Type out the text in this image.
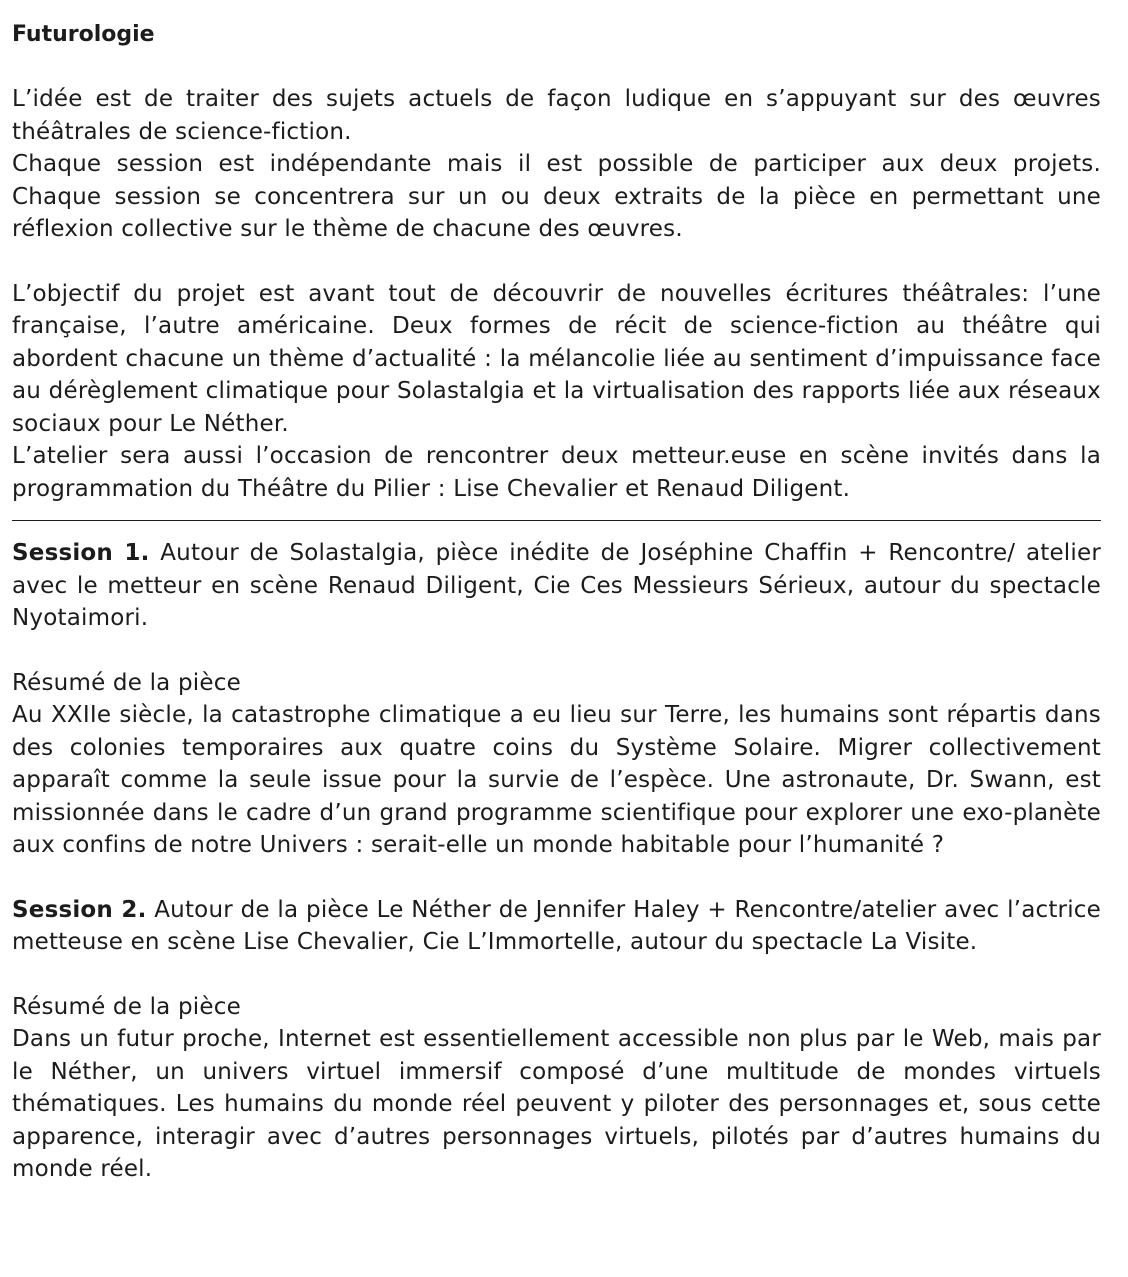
Futurologie

L’idée est de traiter des sujets actuels de façon ludique en s’appuyant sur des œuvres théâtrales de science-fiction.

Chaque session est indépendante mais il est possible de participer aux deux projets. Chaque session se concentrera sur un ou deux extraits de la pièce en permettant une réflexion collective sur le thème de chacune des œuvres.

L’objectif du projet est avant tout de découvrir de nouvelles écritures théâtrales: l’une française, l’autre américaine. Deux formes de récit de science-fiction au théâtre qui abordent chacune un thème d’actualité : la mélancolie liée au sentiment d’impuissance face au dérèglement climatique pour Solastalgia et la virtualisation des rapports liée aux réseaux sociaux pour Le Néther.

L’atelier sera aussi l’occasion de rencontrer deux metteur.euse en scène invités dans la programmation du Théâtre du Pilier : Lise Chevalier et Renaud Diligent.

Session 1. Autour de Solastalgia, pièce inédite de Joséphine Chaffin + Rencontre/ atelier avec le metteur en scène Renaud Diligent, Cie Ces Messieurs Sérieux, autour du spectacle Nyotaimori.

Résumé de la pièce

Au XXIIe siècle, la catastrophe climatique a eu lieu sur Terre, les humains sont répartis dans des colonies temporaires aux quatre coins du Système Solaire. Migrer collectivement apparaît comme la seule issue pour la survie de l’espèce. Une astronaute, Dr. Swann, est missionnée dans le cadre d’un grand programme scientifique pour explorer une exo-planète aux confins de notre Univers : serait-elle un monde habitable pour l’humanité ?

Session 2. Autour de la pièce Le Néther de Jennifer Haley + Rencontre/atelier avec l’actrice metteuse en scène Lise Chevalier, Cie L’Immortelle, autour du spectacle La Visite.

Résumé de la pièce

Dans un futur proche, Internet est essentiellement accessible non plus par le Web, mais par le Néther, un univers virtuel immersif composé d’une multitude de mondes virtuels thématiques. Les humains du monde réel peuvent y piloter des personnages et, sous cette apparence, interagir avec d’autres personnages virtuels, pilotés par d’autres humains du monde réel.
